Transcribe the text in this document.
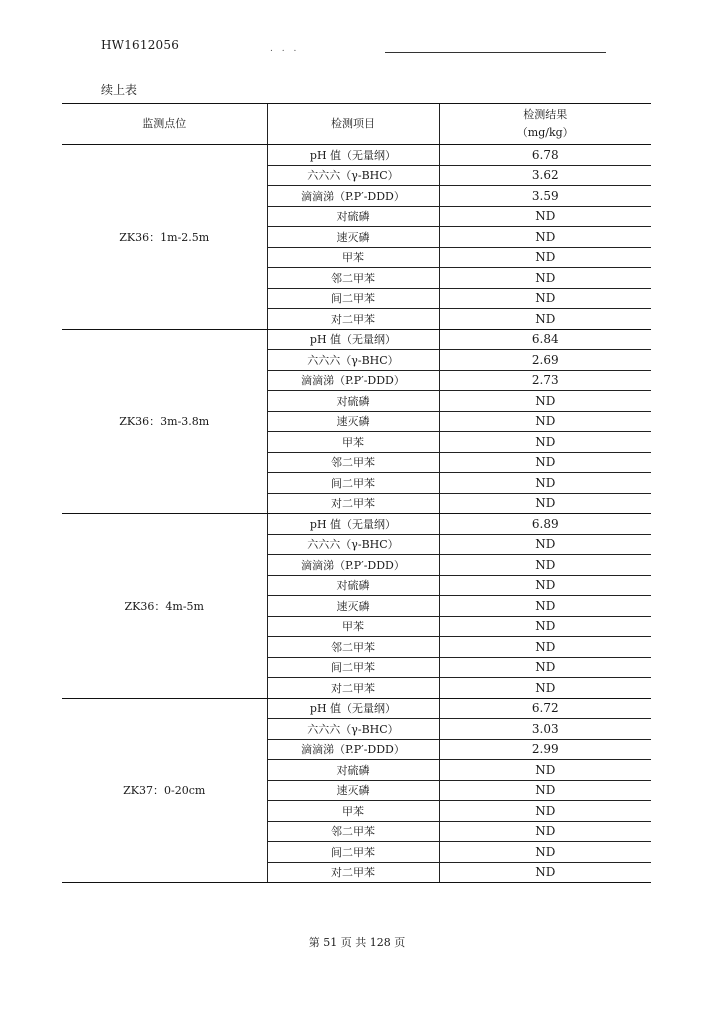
HW1612056	. . .
续上表
监测点位	检测项目	检测结果
（mg/kg）

ZK36：1m-2.5m	pH 值（无量纲）	6.78
	六六六（γ-BHC）	3.62
	滴滴涕（P.P′-DDD）	3.59
	对硫磷	ND
	速灭磷	ND
	甲苯	ND
	邻二甲苯	ND
	间二甲苯	ND
	对二甲苯	ND
ZK36：3m-3.8m	pH 值（无量纲）	6.84
	六六六（γ-BHC）	2.69
	滴滴涕（P.P′-DDD）	2.73
	对硫磷	ND
	速灭磷	ND
	甲苯	ND
	邻二甲苯	ND
	间二甲苯	ND
	对二甲苯	ND
ZK36：4m-5m	pH 值（无量纲）	6.89
	六六六（γ-BHC）	ND
	滴滴涕（P.P′-DDD）	ND
	对硫磷	ND
	速灭磷	ND
	甲苯	ND
	邻二甲苯	ND
	间二甲苯	ND
	对二甲苯	ND
ZK37：0-20cm	pH 值（无量纲）	6.72
	六六六（γ-BHC）	3.03
	滴滴涕（P.P′-DDD）	2.99
	对硫磷	ND
	速灭磷	ND
	甲苯	ND
	邻二甲苯	ND
	间二甲苯	ND
	对二甲苯	ND
第 51 页 共 128 页
